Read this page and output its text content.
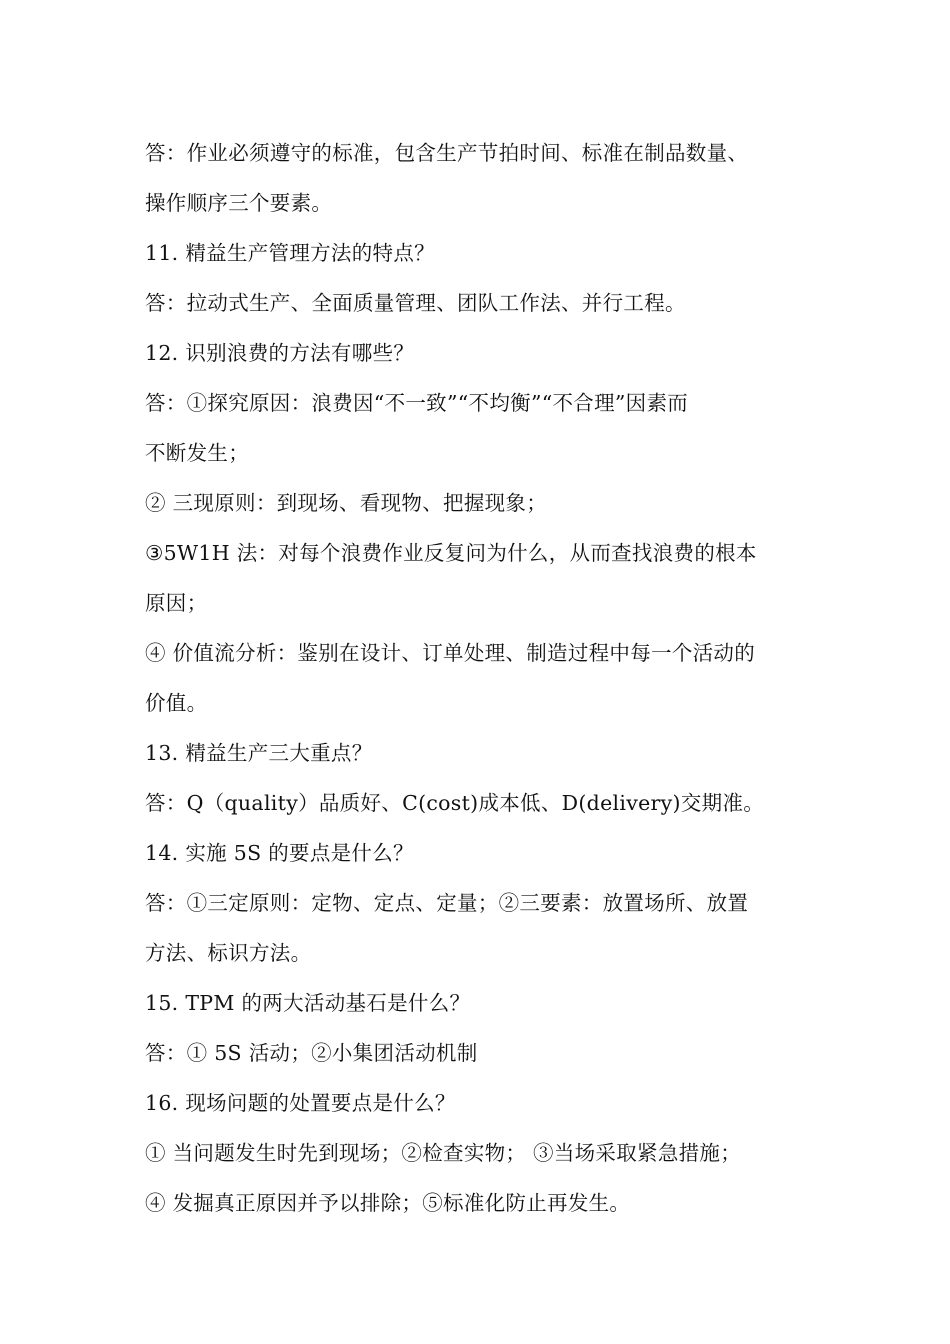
答：作业必须遵守的标准，包含生产节拍时间、标准在制品数量、
操作顺序三个要素。
11. 精益生产管理方法的特点？
答：拉动式生产、全面质量管理、团队工作法、并行工程。
12. 识别浪费的方法有哪些？
答：①探究原因：浪费因“不一致”“不均衡”“不合理”因素而
不断发生；
② 三现原则：到现场、看现物、把握现象；
③5W1H 法：对每个浪费作业反复问为什么，从而查找浪费的根本
原因；
④ 价值流分析：鉴别在设计、订单处理、制造过程中每一个活动的
价值。
13. 精益生产三大重点？
答：Q（quality）品质好、C(cost)成本低、D(delivery)交期准。
14. 实施 5S 的要点是什么？
答：①三定原则：定物、定点、定量；②三要素：放置场所、放置
方法、标识方法。
15. TPM 的两大活动基石是什么？
答：① 5S 活动；②小集团活动机制
16. 现场问题的处置要点是什么？
① 当问题发生时先到现场；②检查实物； ③当场采取紧急措施；
④ 发掘真正原因并予以排除；⑤标准化防止再发生。
